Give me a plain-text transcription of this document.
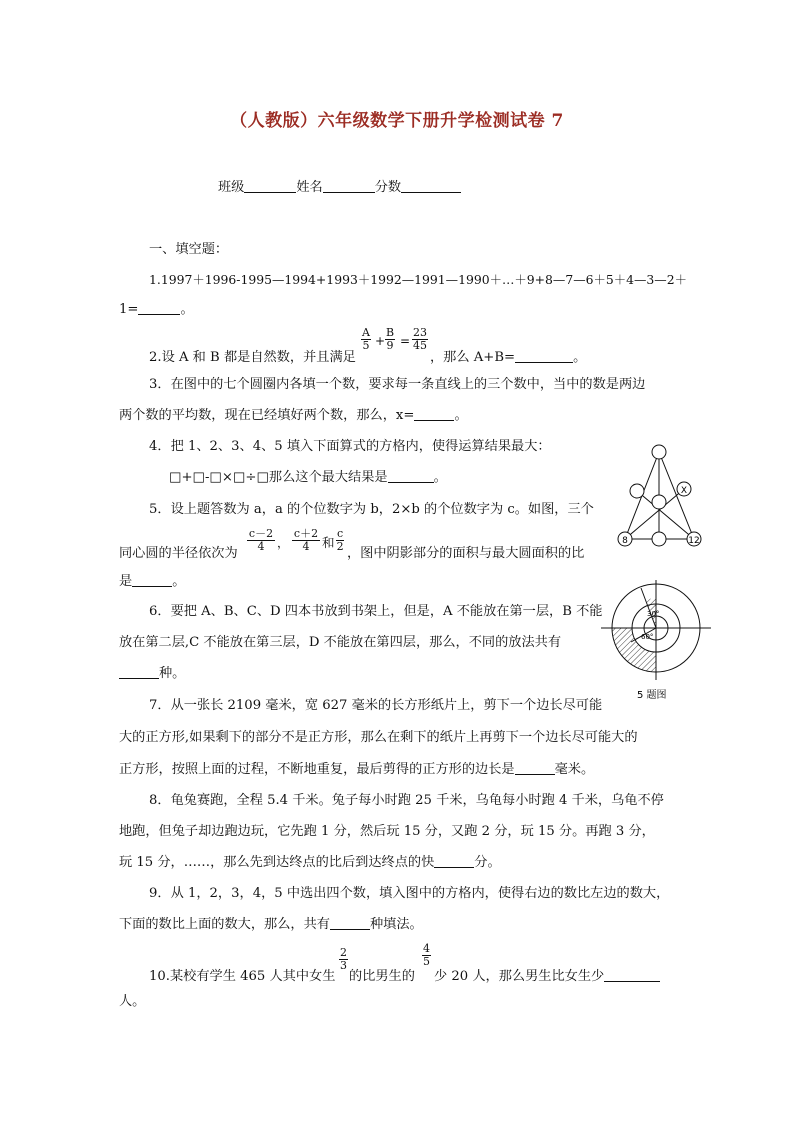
（人教版）六年级数学下册升学检测试卷 7
班级	姓名	分数
一、填空题：
1.1997＋1996-1995—1994+1993＋1992—1991—1990＋…＋9+8—7—6＋5＋4—3—2＋
1=	。
2.设 A 和 B 都是自然数，并且满足
$\frac{A}{5} + \frac{B}{9} = \frac{23}{45}$
，那么 A+B=	。
3．在图中的七个圆圈内各填一个数，要求每一条直线上的三个数中，当中的数是两边
两个数的平均数，现在已经填好两个数，那么，x=	。
4．把 1、2、3、4、5 填入下面算式的方格内，使得运算结果最大：
□+□-□×□÷□那么这个最大结果是	。
5．设上题答数为 a，a 的个位数字为 b，2×b 的个位数字为 c。如图，三个
同心圆的半径依次为
$\frac{c-2}{4}$ ， $\frac{c+2}{4}$ 和 $\frac{c}{2}$
，图中阴影部分的面积与最大圆面积的比
是	。
6．要把 A、B、C、D 四本书放到书架上，但是，A 不能放在第一层，B 不能
放在第二层,C 不能放在第三层，D 不能放在第四层，那么，不同的放法共有
种。
7．从一张长 2109 毫米，宽 627 毫米的长方形纸片上，剪下一个边长尽可能
大的正方形,如果剩下的部分不是正方形，那么在剩下的纸片上再剪下一个边长尽可能大的
正方形，按照上面的过程，不断地重复，最后剪得的正方形的边长是	毫米。
8．龟兔赛跑，全程 5.4 千米。兔子每小时跑 25 千米，乌龟每小时跑 4 千米，乌龟不停
地跑，但兔子却边跑边玩，它先跑 1 分，然后玩 15 分，又跑 2 分，玩 15 分。再跑 3 分，
玩 15 分，……，那么先到达终点的比后到达终点的快	分。
9．从 1，2，3，4，5 中选出四个数，填入图中的方格内，使得右边的数比左边的数大，
下面的数比上面的数大，那么，共有	种填法。
10.某校有学生 465 人其中女生
$\frac{2}{3}$
的比男生的
$\frac{4}{5}$
少 20 人，那么男生比女生少
人。
X
8	12
30°
60°
5 题图
